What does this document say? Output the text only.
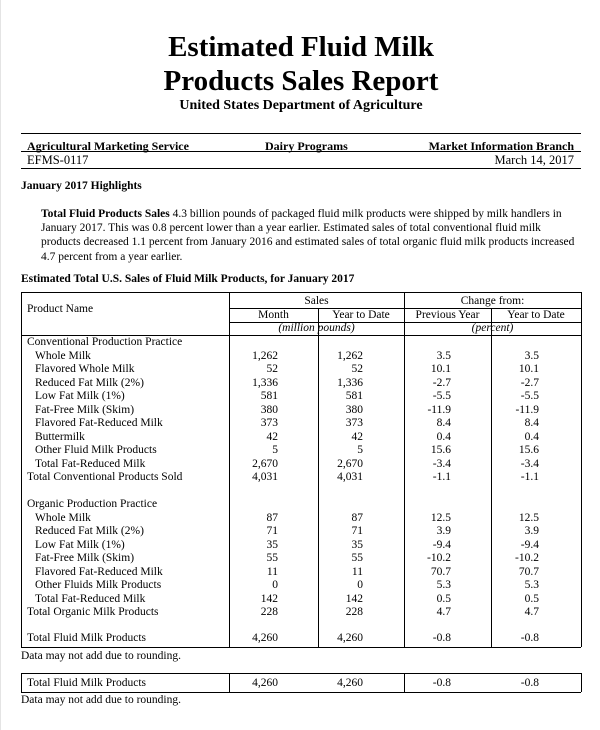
Estimated Fluid Milk
Products Sales Report
United States Department of Agriculture
Agricultural Marketing Service	Dairy Programs	Market Information Branch
EFMS-0117	March 14, 2017
January 2017 Highlights
Total Fluid Products Sales 4.3 billion pounds of packaged fluid milk products were shipped by milk handlers in January 2017. This was 0.8 percent lower than a year earlier. Estimated sales of total conventional fluid milk products decreased 1.1 percent from January 2016 and estimated sales of total organic fluid milk products increased 4.7 percent from a year earlier.
Estimated Total U.S. Sales of Fluid Milk Products, for January 2017
Product Name
Sales	Change from:
Month	Year to Date	Previous Year	Year to Date
(million pounds)	(percent)
Conventional Production Practice
Whole Milk	1,262	1,262	3.5	3.5
Flavored Whole Milk	52	52	10.1	10.1
Reduced Fat Milk (2%)	1,336	1,336	-2.7	-2.7
Low Fat Milk (1%)	581	581	-5.5	-5.5
Fat-Free Milk (Skim)	380	380	-11.9	-11.9
Flavored Fat-Reduced Milk	373	373	8.4	8.4
Buttermilk	42	42	0.4	0.4
Other Fluid Milk Products	5	5	15.6	15.6
Total Fat-Reduced Milk	2,670	2,670	-3.4	-3.4
Total Conventional Products Sold	4,031	4,031	-1.1	-1.1
Organic Production Practice
Whole Milk	87	87	12.5	12.5
Reduced Fat Milk (2%)	71	71	3.9	3.9
Low Fat Milk (1%)	35	35	-9.4	-9.4
Fat-Free Milk (Skim)	55	55	-10.2	-10.2
Flavored Fat-Reduced Milk	11	11	70.7	70.7
Other Fluids Milk Products	0	0	5.3	5.3
Total Fat-Reduced Milk	142	142	0.5	0.5
Total Organic Milk Products	228	228	4.7	4.7
Total Fluid Milk Products	4,260	4,260	-0.8	-0.8
Data may not add due to rounding.
Total Fluid Milk Products	4,260	4,260	-0.8	-0.8
Data may not add due to rounding.
